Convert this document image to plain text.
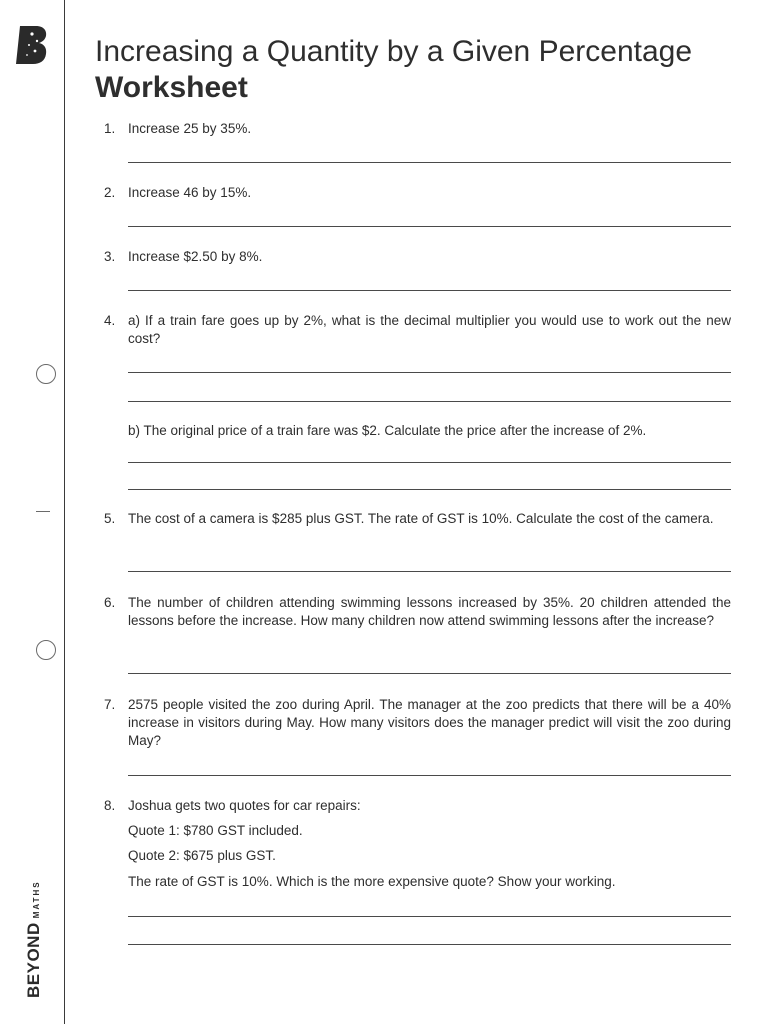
BEYONDMATHS
Increasing a Quantity by a Given Percentage
Worksheet
1. Increase 25 by 35%.
2. Increase 46 by 15%.
3. Increase $2.50 by 8%.
4. a) If a train fare goes up by 2%, what is the decimal multiplier you would use to work out the new cost?
b) The original price of a train fare was $2. Calculate the price after the increase of 2%.
5. The cost of a camera is $285 plus GST. The rate of GST is 10%. Calculate the cost of the camera.
6. The number of children attending swimming lessons increased by 35%. 20 children attended the lessons before the increase. How many children now attend swimming lessons after the increase?
7. 2575 people visited the zoo during April. The manager at the zoo predicts that there will be a 40% increase in visitors during May. How many visitors does the manager predict will visit the zoo during May?
8. Joshua gets two quotes for car repairs:
Quote 1: $780 GST included.
Quote 2: $675 plus GST.
The rate of GST is 10%. Which is the more expensive quote? Show your working.
